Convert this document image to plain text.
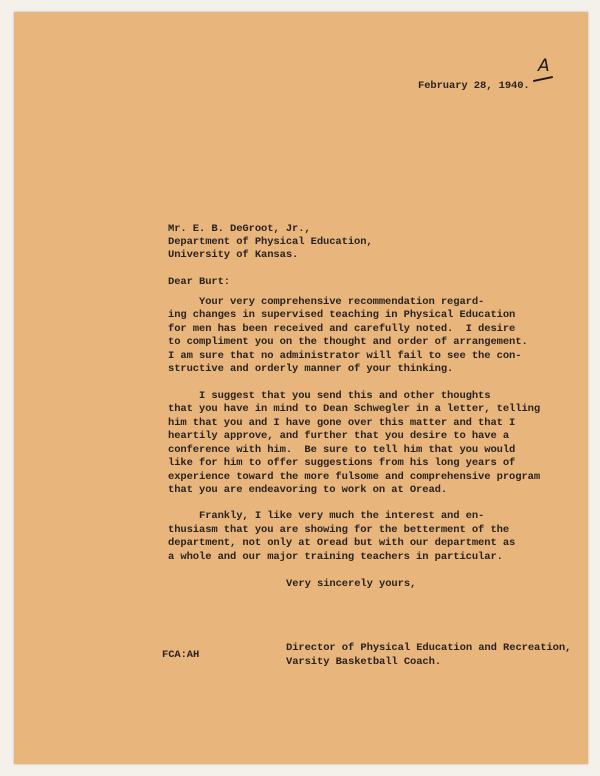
A
February 28, 1940.
Mr. E. B. DeGroot, Jr.,
Department of Physical Education,
University of Kansas.
Dear Burt:
Your very comprehensive recommendation regard-
ing changes in supervised teaching in Physical Education
for men has been received and carefully noted.  I desire
to compliment you on the thought and order of arrangement.
I am sure that no administrator will fail to see the con-
structive and orderly manner of your thinking.
I suggest that you send this and other thoughts
that you have in mind to Dean Schwegler in a letter, telling
him that you and I have gone over this matter and that I
heartily approve, and further that you desire to have a
conference with him.  Be sure to tell him that you would
like for him to offer suggestions from his long years of
experience toward the more fulsome and comprehensive program
that you are endeavoring to work on at Oread.
Frankly, I like very much the interest and en-
thusiasm that you are showing for the betterment of the
department, not only at Oread but with our department as
a whole and our major training teachers in particular.
Very sincerely yours,
Director of Physical Education and Recreation,
Varsity Basketball Coach.
FCA:AH
